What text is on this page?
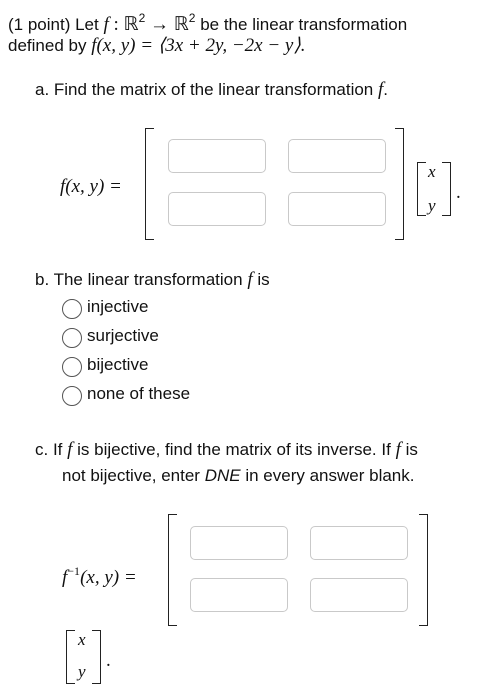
(1 point) Let f : ℝ$^2$ → ℝ$^2$ be the linear transformation
defined by f(x, y) = ⟨3x + 2y, −2x − y⟩.
a. Find the matrix of the linear transformation f.
f(x, y) =
x
y
.
b. The linear transformation f is
injective
surjective
bijective
none of these
c. If f is bijective, find the matrix of its inverse. If f is
not bijective, enter DNE in every answer blank.
$f^{-1}(x$, y) =
x
y
.
